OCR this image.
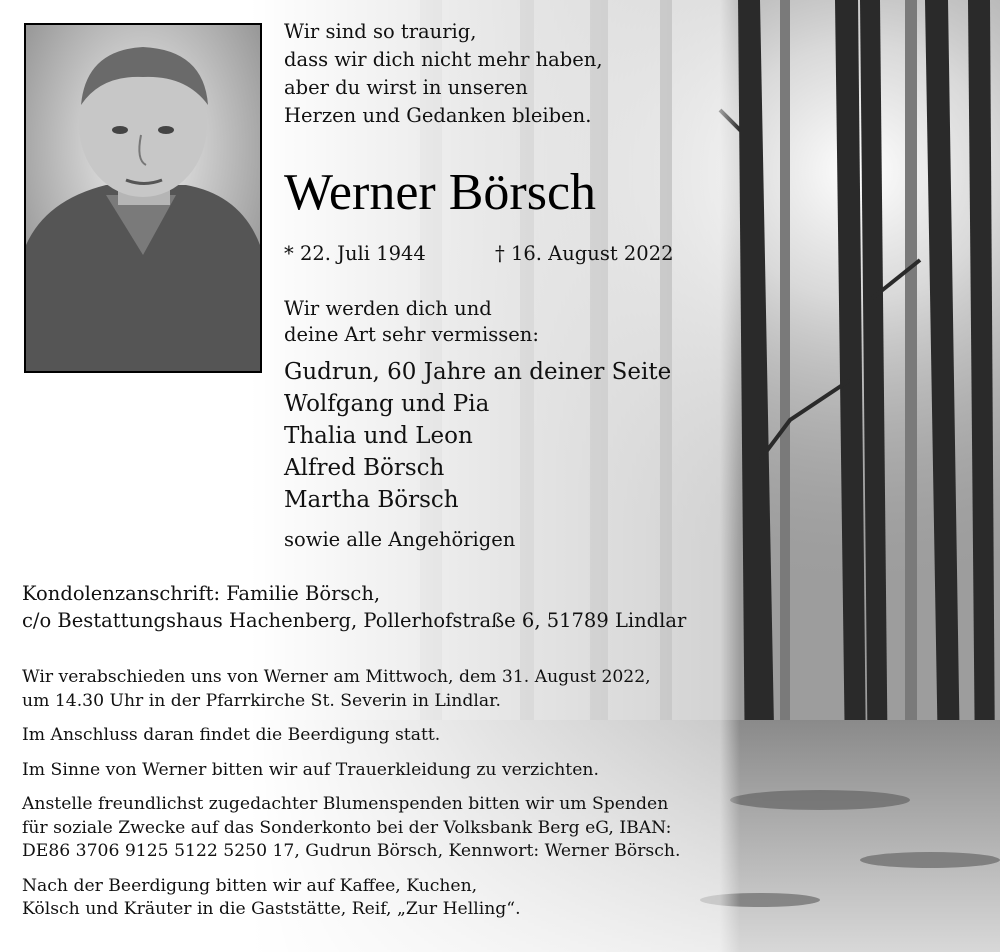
Wir sind so traurig,
dass wir dich nicht mehr haben,
aber du wirst in unseren
Herzen und Gedanken bleiben.
Werner Börsch
* 22. Juli 1944	† 16. August 2022
Wir werden dich und
deine Art sehr vermissen:
Gudrun, 60 Jahre an deiner Seite
Wolfgang und Pia
Thalia und Leon
Alfred Börsch
Martha Börsch
sowie alle Angehörigen
Kondolenzanschrift: Familie Börsch,
c/o Bestattungshaus Hachenberg, Pollerhofstraße 6, 51789 Lindlar
Wir verabschieden uns von Werner am Mittwoch, dem 31. August 2022,
um 14.30 Uhr in der Pfarrkirche St. Severin in Lindlar.
Im Anschluss daran findet die Beerdigung statt.
Im Sinne von Werner bitten wir auf Trauerkleidung zu verzichten.
Anstelle freundlichst zugedachter Blumenspenden bitten wir um Spenden
für soziale Zwecke auf das Sonderkonto bei der Volksbank Berg eG, IBAN:
DE86 3706 9125 5122 5250 17, Gudrun Börsch, Kennwort: Werner Börsch.
Nach der Beerdigung bitten wir auf Kaffee, Kuchen,
Kölsch und Kräuter in die Gaststätte, Reif, „Zur Helling“.
